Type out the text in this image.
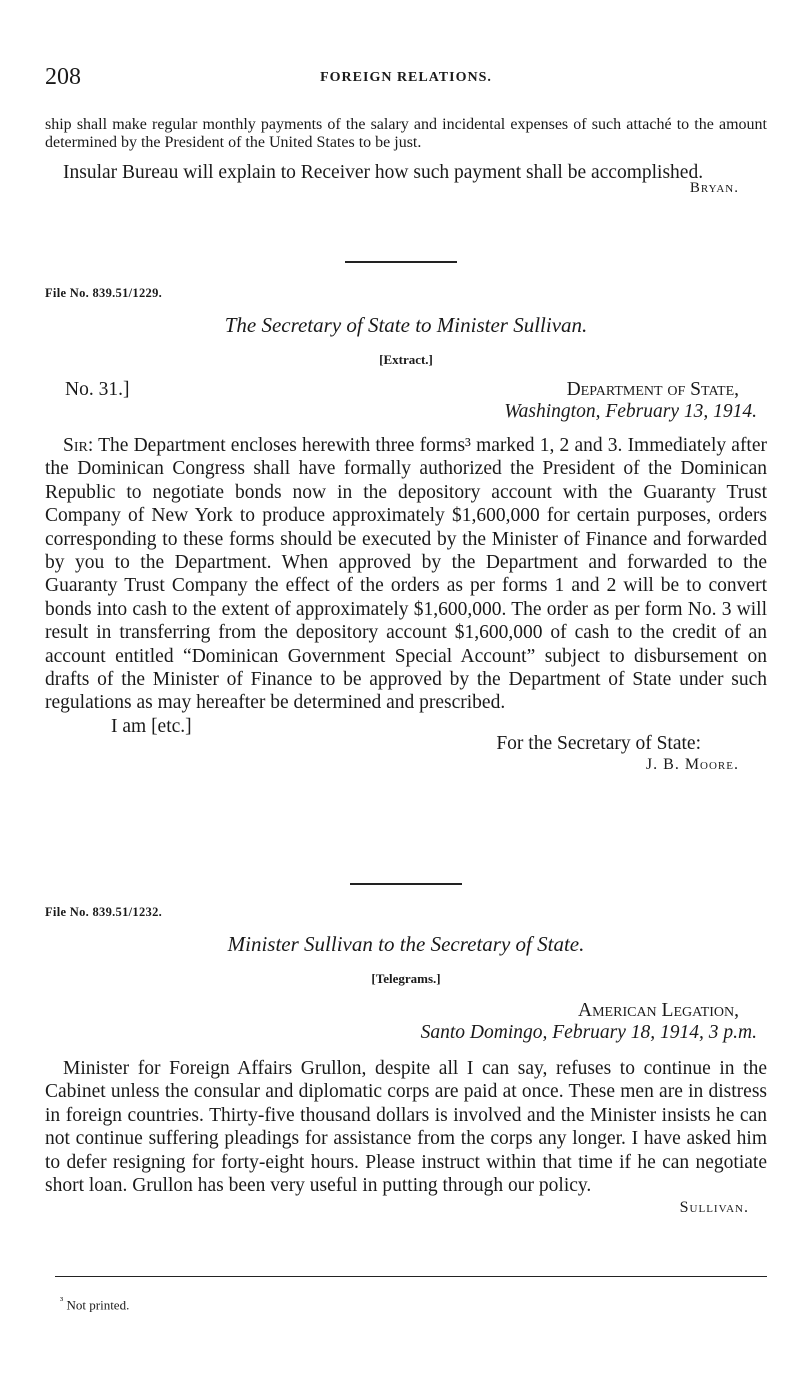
208	FOREIGN RELATIONS.

ship shall make regular monthly payments of the salary and incidental expenses of such attaché to the amount determined by the President of the United States to be just.

Insular Bureau will explain to Receiver how such payment shall be accomplished.

Bryan.
File No. 839.51/1229.
The Secretary of State to Minister Sullivan.
[Extract.]
No. 31.]	Department of State,
Washington, February 13, 1914.

Sir: The Department encloses herewith three forms³ marked 1, 2 and 3. Immediately after the Dominican Congress shall have formally authorized the President of the Dominican Republic to negotiate bonds now in the depository account with the Guaranty Trust Company of New York to produce approximately $1,600,000 for certain purposes, orders corresponding to these forms should be executed by the Minister of Finance and forwarded by you to the Department. When approved by the Department and forwarded to the Guaranty Trust Company the effect of the orders as per forms 1 and 2 will be to convert bonds into cash to the extent of approximately $1,600,000. The order as per form No. 3 will result in transferring from the depository account $1,600,000 of cash to the credit of an account entitled “Dominican Government Special Account” subject to disbursement on drafts of the Minister of Finance to be approved by the Department of State under such regulations as may hereafter be determined and prescribed.

I am [etc.]
For the Secretary of State:
J. B. Moore.
File No. 839.51/1232.
Minister Sullivan to the Secretary of State.
[Telegrams.]
American Legation,
Santo Domingo, February 18, 1914, 3 p.m.

Minister for Foreign Affairs Grullon, despite all I can say, refuses to continue in the Cabinet unless the consular and diplomatic corps are paid at once. These men are in distress in foreign countries. Thirty-five thousand dollars is involved and the Minister insists he can not continue suffering pleadings for assistance from the corps any longer. I have asked him to defer resigning for forty-eight hours. Please instruct within that time if he can negotiate short loan. Grullon has been very useful in putting through our policy.

Sullivan.
$^{^3}$ Not printed.
